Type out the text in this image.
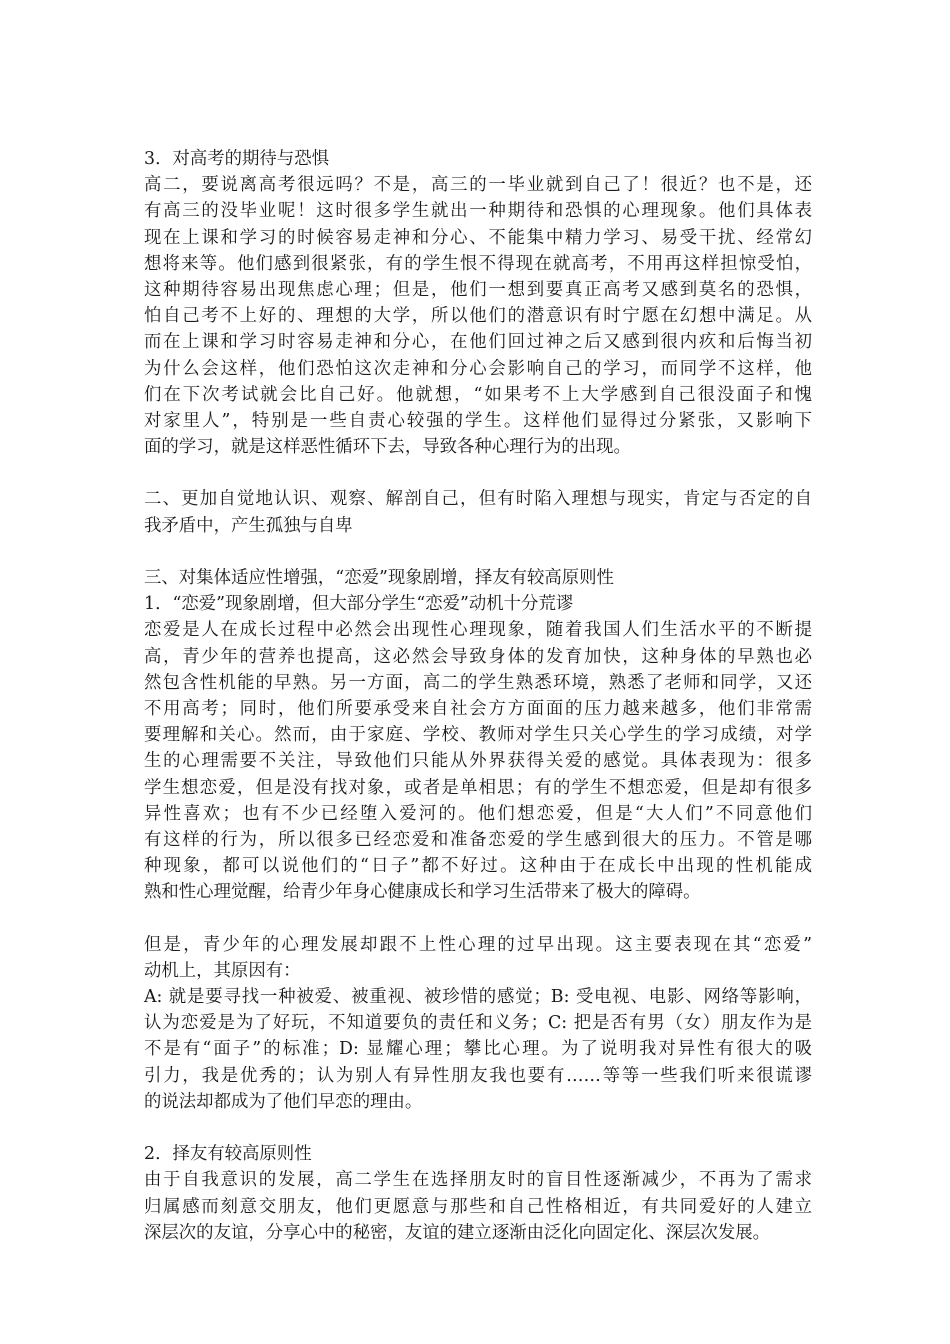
3．对高考的期待与恐惧
高二，要说离高考很远吗？不是，高三的一毕业就到自己了！很近？也不是，还
有高三的没毕业呢！这时很多学生就出一种期待和恐惧的心理现象。他们具体表
现在上课和学习的时候容易走神和分心、不能集中精力学习、易受干扰、经常幻
想将来等。他们感到很紧张，有的学生恨不得现在就高考，不用再这样担惊受怕，
这种期待容易出现焦虑心理；但是，他们一想到要真正高考又感到莫名的恐惧，
怕自己考不上好的、理想的大学，所以他们的潜意识有时宁愿在幻想中满足。从
而在上课和学习时容易走神和分心，在他们回过神之后又感到很内疚和后悔当初
为什么会这样，他们恐怕这次走神和分心会影响自己的学习，而同学不这样，他
们在下次考试就会比自己好。他就想，“如果考不上大学感到自己很没面子和愧
对家里人”，特别是一些自责心较强的学生。这样他们显得过分紧张，又影响下
面的学习，就是这样恶性循环下去，导致各种心理行为的出现。
二、更加自觉地认识、观察、解剖自己，但有时陷入理想与现实，肯定与否定的自
我矛盾中，产生孤独与自卑
三、对集体适应性增强，“恋爱”现象剧增，择友有较高原则性
1．“恋爱”现象剧增，但大部分学生“恋爱”动机十分荒谬
恋爱是人在成长过程中必然会出现性心理现象，随着我国人们生活水平的不断提
高，青少年的营养也提高，这必然会导致身体的发育加快，这种身体的早熟也必
然包含性机能的早熟。另一方面，高二的学生熟悉环境，熟悉了老师和同学，又还
不用高考；同时，他们所要承受来自社会方方面面的压力越来越多，他们非常需
要理解和关心。然而，由于家庭、学校、教师对学生只关心学生的学习成绩，对学
生的心理需要不关注，导致他们只能从外界获得关爱的感觉。具体表现为：很多
学生想恋爱，但是没有找对象，或者是单相思；有的学生不想恋爱，但是却有很多
异性喜欢；也有不少已经堕入爱河的。他们想恋爱，但是“大人们”不同意他们
有这样的行为，所以很多已经恋爱和准备恋爱的学生感到很大的压力。不管是哪
种现象，都可以说他们的“日子”都不好过。这种由于在成长中出现的性机能成
熟和性心理觉醒，给青少年身心健康成长和学习生活带来了极大的障碍。
但是，青少年的心理发展却跟不上性心理的过早出现。这主要表现在其“恋爱”
动机上，其原因有：
A: 就是要寻找一种被爱、被重视、被珍惜的感觉；B: 受电视、电影、网络等影响，
认为恋爱是为了好玩，不知道要负的责任和义务；C: 把是否有男（女）朋友作为是
不是有“面子”的标准；D: 显耀心理；攀比心理。为了说明我对异性有很大的吸
引力，我是优秀的；认为别人有异性朋友我也要有……等等一些我们听来很谎谬
的说法却都成为了他们早恋的理由。
2．择友有较高原则性
由于自我意识的发展，高二学生在选择朋友时的盲目性逐渐减少，不再为了需求
归属感而刻意交朋友，他们更愿意与那些和自己性格相近，有共同爱好的人建立
深层次的友谊，分享心中的秘密，友谊的建立逐渐由泛化向固定化、深层次发展。
